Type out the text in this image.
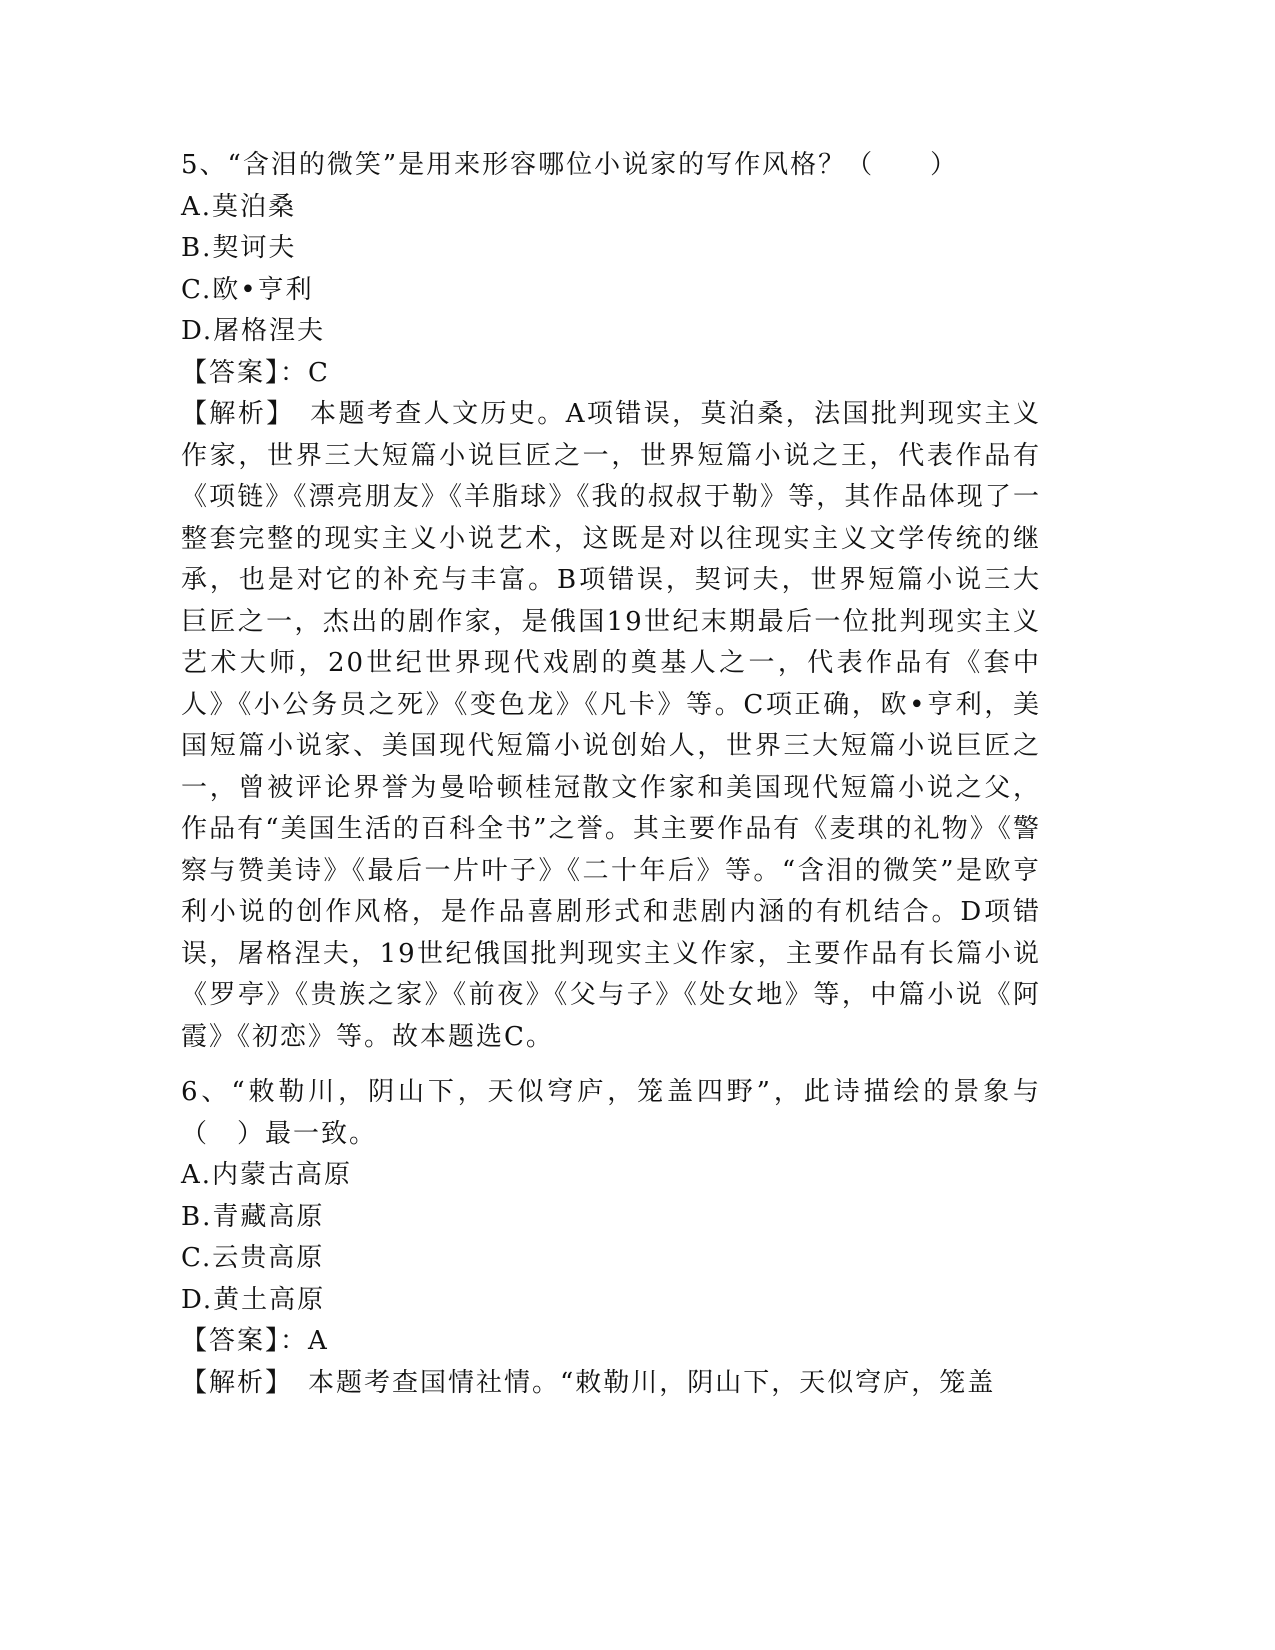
5、“含泪的微笑”是用来形容哪位小说家的写作风格？（　　）
A.莫泊桑
B.契诃夫
C.欧•亨利
D.屠格涅夫
【答案】：C
【解析】　本题考查人文历史。A项错误，莫泊桑，法国批判现实主义作家，世界三大短篇小说巨匠之一，世界短篇小说之王，代表作品有《项链》《漂亮朋友》《羊脂球》《我的叔叔于勒》等，其作品体现了一整套完整的现实主义小说艺术，这既是对以往现实主义文学传统的继承，也是对它的补充与丰富。B项错误，契诃夫，世界短篇小说三大巨匠之一，杰出的剧作家，是俄国19世纪末期最后一位批判现实主义艺术大师，20世纪世界现代戏剧的奠基人之一，代表作品有《套中人》《小公务员之死》《变色龙》《凡卡》等。C项正确，欧•亨利，美国短篇小说家、美国现代短篇小说创始人，世界三大短篇小说巨匠之一，曾被评论界誉为曼哈顿桂冠散文作家和美国现代短篇小说之父，作品有“美国生活的百科全书”之誉。其主要作品有《麦琪的礼物》《警察与赞美诗》《最后一片叶子》《二十年后》等。“含泪的微笑”是欧亨利小说的创作风格，是作品喜剧形式和悲剧内涵的有机结合。D项错误，屠格涅夫，19世纪俄国批判现实主义作家，主要作品有长篇小说《罗亭》《贵族之家》《前夜》《父与子》《处女地》等，中篇小说《阿霞》《初恋》等。故本题选C。
6、“敕勒川，阴山下，天似穹庐，笼盖四野”，此诗描绘的景象与（　）最一致。
A.内蒙古高原
B.青藏高原
C.云贵高原
D.黄土高原
【答案】：A
【解析】　本题考查国情社情。“敕勒川，阴山下，天似穹庐，笼盖
